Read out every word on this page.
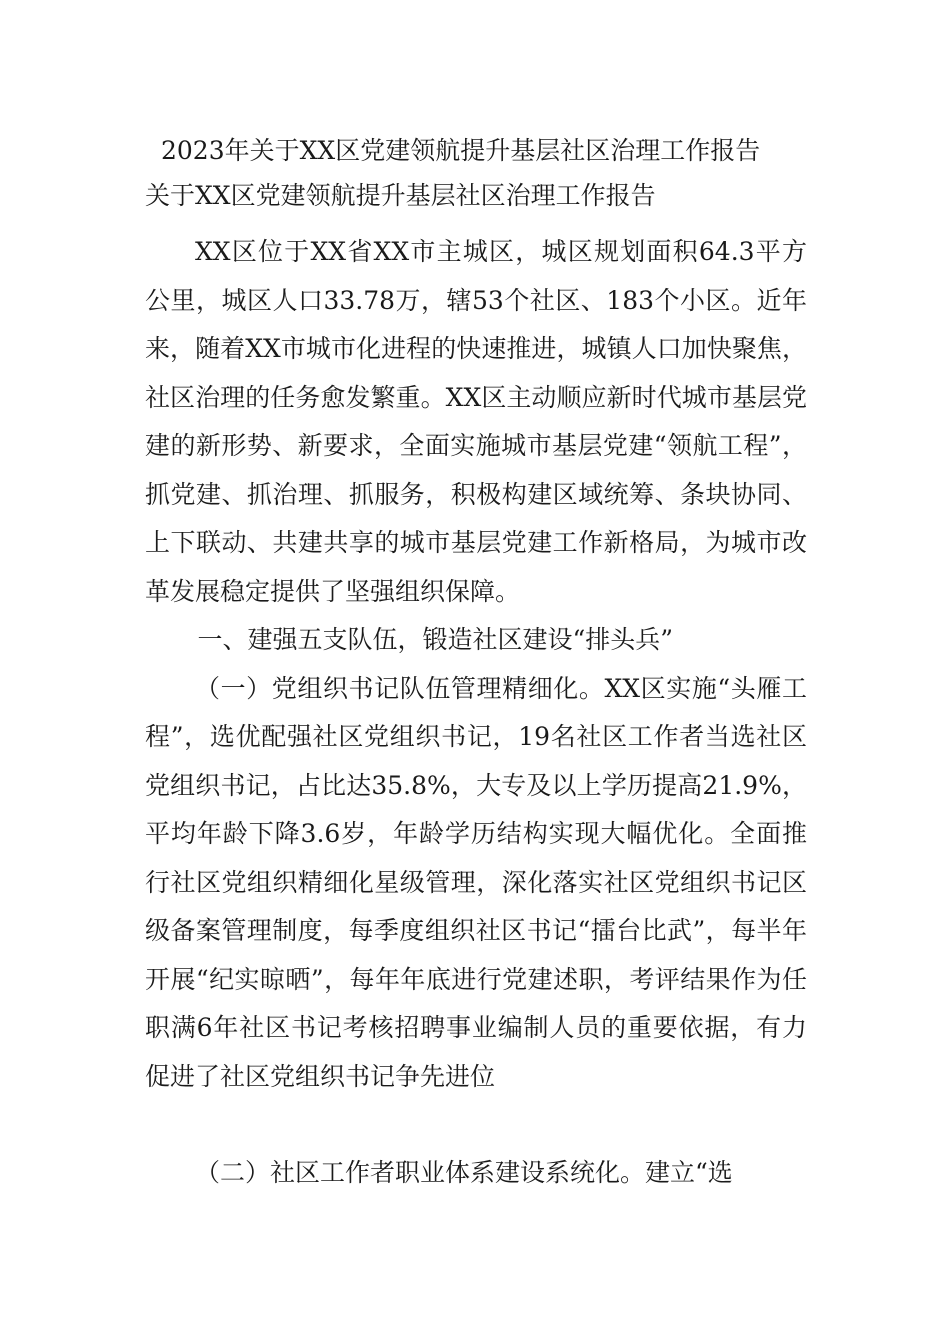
2023年关于XX区党建领航提升基层社区治理工作报告
关于XX区党建领航提升基层社区治理工作报告

XX区位于XX省XX市主城区，城区规划面积64.3平方公里，城区人口33.78万，辖53个社区、183个小区。近年来，随着XX市城市化进程的快速推进，城镇人口加快聚焦，社区治理的任务愈发繁重。XX区主动顺应新时代城市基层党建的新形势、新要求，全面实施城市基层党建“领航工程”，抓党建、抓治理、抓服务，积极构建区域统筹、条块协同、上下联动、共建共享的城市基层党建工作新格局，为城市改革发展稳定提供了坚强组织保障。

一、建强五支队伍，锻造社区建设“排头兵”

（一）党组织书记队伍管理精细化。XX区实施“头雁工程”，选优配强社区党组织书记，19名社区工作者当选社区党组织书记，占比达35.8%，大专及以上学历提高21.9%，平均年龄下降3.6岁，年龄学历结构实现大幅优化。全面推行社区党组织精细化星级管理，深化落实社区党组织书记区级备案管理制度，每季度组织社区书记“擂台比武”，每半年开展“纪实晾晒”，每年年底进行党建述职，考评结果作为任职满6年社区书记考核招聘事业编制人员的重要依据，有力促进了社区党组织书记争先进位

（二）社区工作者职业体系建设系统化。建立“选
